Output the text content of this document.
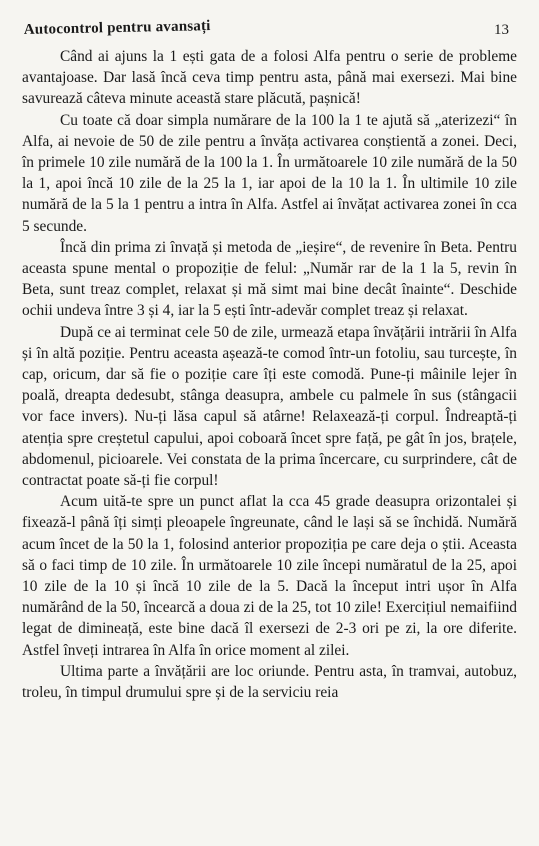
Autocontrol pentru avansați	13

Când ai ajuns la 1 ești gata de a folosi Alfa pentru o serie de probleme avantajoase. Dar lasă încă ceva timp pentru asta, până mai exersezi. Mai bine savurează câteva minute această stare plăcută, pașnică!

Cu toate că doar simpla numărare de la 100 la 1 te ajută să „aterizezi“ în Alfa, ai nevoie de 50 de zile pentru a învăța activarea conștientă a zonei. Deci, în primele 10 zile numără de la 100 la 1. În următoarele 10 zile numără de la 50 la 1, apoi încă 10 zile de la 25 la 1, iar apoi de la 10 la 1. În ultimile 10 zile numără de la 5 la 1 pentru a intra în Alfa. Astfel ai învățat activarea zonei în cca 5 secunde.

Încă din prima zi învață și metoda de „ieșire“, de revenire în Beta. Pentru aceasta spune mental o propoziție de felul: „Număr rar de la 1 la 5, revin în Beta, sunt treaz complet, relaxat și mă simt mai bine decât înainte“. Deschide ochii undeva între 3 și 4, iar la 5 ești într-adevăr complet treaz și relaxat.

După ce ai terminat cele 50 de zile, urmează etapa învățării intrării în Alfa și în altă poziție. Pentru aceasta așează-te comod într-un fotoliu, sau turcește, în cap, oricum, dar să fie o poziție care îți este comodă. Pune-ți mâinile lejer în poală, dreapta dedesubt, stânga deasupra, ambele cu palmele în sus (stângacii vor face invers). Nu-ți lăsa capul să atârne! Relaxează-ți corpul. Îndreaptă-ți atenția spre creștetul capului, apoi coboară încet spre față, pe gât în jos, brațele, abdomenul, picioarele. Vei constata de la prima încercare, cu surprindere, cât de contractat poate să-ți fie corpul!

Acum uită-te spre un punct aflat la cca 45 grade deasupra orizontalei și fixează-l până îți simți pleoapele îngreunate, când le lași să se închidă. Numără acum încet de la 50 la 1, folosind anterior propoziția pe care deja o știi. Aceasta să o faci timp de 10 zile. În următoarele 10 zile începi număratul de la 25, apoi 10 zile de la 10 și încă 10 zile de la 5. Dacă la început intri ușor în Alfa numărând de la 50, încearcă a doua zi de la 25, tot 10 zile! Exercițiul nemaifiind legat de dimineață, este bine dacă îl exersezi de 2-3 ori pe zi, la ore diferite. Astfel înveți intrarea în Alfa în orice moment al zilei.

Ultima parte a învățării are loc oriunde. Pentru asta, în tramvai, autobuz, troleu, în timpul drumului spre și de la serviciu reia
